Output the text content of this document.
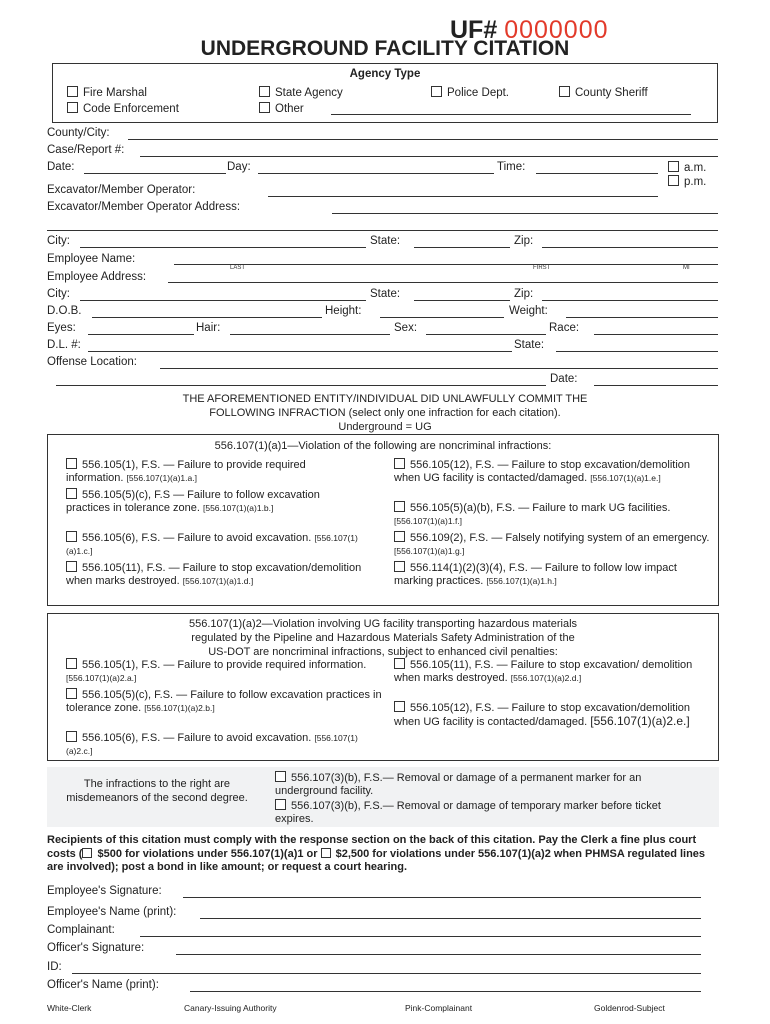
UF# 0000000
UNDERGROUND FACILITY CITATION
Agency Type
Fire Marshal	State Agency	Police Dept.	County Sheriff
Code Enforcement	Other
County/City:
Case/Report #:
Date:	Day:	Time:	a.m.
p.m.
Excavator/Member Operator:
Excavator/Member Operator Address:
City:	State:	Zip:
Employee Name:
LAST	FIRST	MI
Employee Address:
City:	State:	Zip:
D.O.B.	Height:	Weight:
Eyes:	Hair:	Sex:	Race:
D.L. #:	State:
Offense Location:
Date:
THE AFOREMENTIONED ENTITY/INDIVIDUAL DID UNLAWFULLY COMMIT THE
FOLLOWING INFRACTION (select only one infraction for each citation).
Underground = UG
556.107(1)(a)1—Violation of the following are noncriminal infractions:
556.105(1), F.S. — Failure to provide required information. [556.107(1)(a)1.a.]
556.105(5)(c), F.S — Failure to follow excavation practices in tolerance zone. [556.107(1)(a)1.b.]
556.105(6), F.S. — Failure to avoid excavation. [556.107(1)(a)1.c.]
556.105(11), F.S. — Failure to stop excavation/demolition when marks destroyed. [556.107(1)(a)1.d.]
556.105(12), F.S. — Failure to stop excavation/demolition when UG facility is contacted/damaged. [556.107(1)(a)1.e.]
556.105(5)(a)(b), F.S. — Failure to mark UG facilities. [556.107(1)(a)1.f.]
556.109(2), F.S. — Falsely notifying system of an emergency. [556.107(1)(a)1.g.]
556.114(1)(2)(3)(4), F.S. — Failure to follow low impact marking practices. [556.107(1)(a)1.h.]
556.107(1)(a)2—Violation involving UG facility transporting hazardous materials
regulated by the Pipeline and Hazardous Materials Safety Administration of the
US-DOT are noncriminal infractions, subject to enhanced civil penalties:
556.105(1), F.S. — Failure to provide required information. [556.107(1)(a)2.a.]
556.105(5)(c), F.S. — Failure to follow excavation practices in tolerance zone. [556.107(1)(a)2.b.]
556.105(6), F.S. — Failure to avoid excavation. [556.107(1)(a)2.c.]
556.105(11), F.S. — Failure to stop excavation/ demolition when marks destroyed. [556.107(1)(a)2.d.]
556.105(12), F.S. — Failure to stop excavation/demolition when UG facility is contacted/damaged. [556.107(1)(a)2.e.]
The infractions to the right are misdemeanors of the second degree.
556.107(3)(b), F.S.— Removal or damage of a permanent marker for an underground facility.
556.107(3)(b), F.S.— Removal or damage of temporary marker before ticket expires.
Recipients of this citation must comply with the response section on the back of this citation. Pay the Clerk a fine plus court costs ( $500 for violations under 556.107(1)(a)1 or $2,500 for violations under 556.107(1)(a)2 when PHMSA regulated lines are involved); post a bond in like amount; or request a court hearing.
Employee's Signature:
Employee's Name (print):
Complainant:
Officer's Signature:
ID:
Officer's Name (print):
White-Clerk	Canary-Issuing Authority	Pink-Complainant	Goldenrod-Subject
